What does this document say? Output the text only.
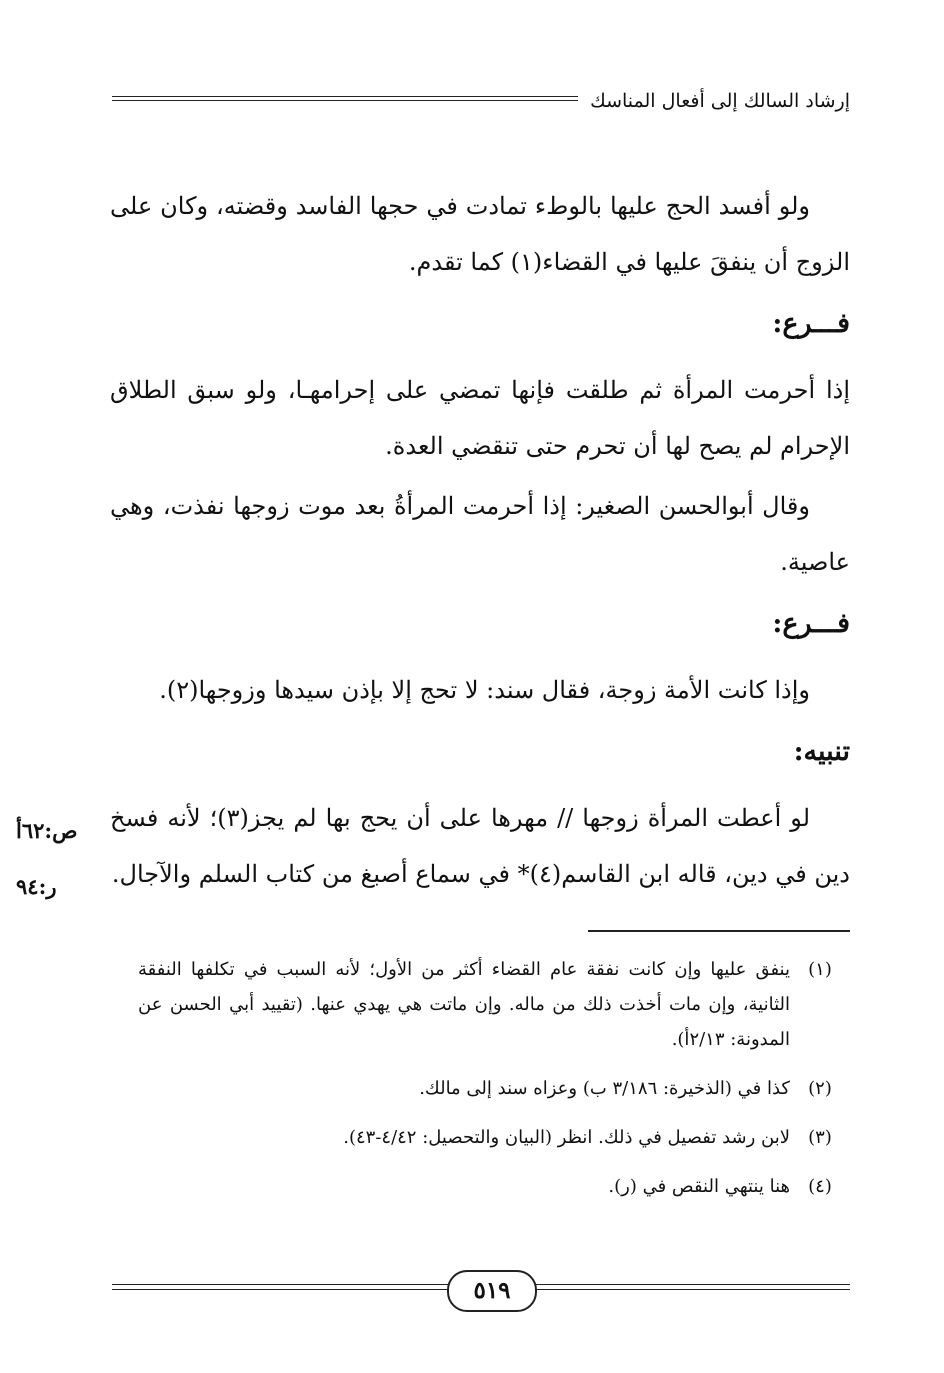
إرشاد السالك إلى أفعال المناسك

ولو أفسد الحج عليها بالوطء تمادت في حجها الفاسد وقضته، وكان على الزوج أن ينفقَ عليها في القضاء(١) كما تقدم.

فـــرع:

إذا أحرمت المرأة ثم طلقت فإنها تمضي على إحرامهـا، ولو سبق الطلاق الإحرام لم يصح لها أن تحرم حتى تنقضي العدة.

وقال أبوالحسن الصغير: إذا أحرمت المرأةُ بعد موت زوجها نفذت، وهي عاصية.

فـــرع:

وإذا كانت الأمة زوجة، فقال سند: لا تحج إلا بإذن سيدها وزوجها(٢).

تنبيه:

لو أعطت المرأة زوجها // مهرها على أن يحج بها لم يجز(٣)؛ لأنه فسخ دين في دين، قاله ابن القاسم(٤)* في سماع أصبغ من كتاب السلم والآجال.

ص:٦٢أ
ر:٩٤
(١)
ينفق عليها وإن كانت نفقة عام القضاء أكثر من الأول؛ لأنه السبب في تكلفها النفقة الثانية، وإن مات أخذت ذلك من ماله. وإن ماتت هي يهدي عنها. (تقييد أبي الحسن عن المدونة: ٢/١٣أ).
(٢)
كذا في (الذخيرة: ٣/١٨٦ ب) وعزاه سند إلى مالك.
(٣)
لابن رشد تفصيل في ذلك. انظر (البيان والتحصيل: ٤/٤٢-٤٣).
(٤)
هنا ينتهي النقص في (ر).
٥١٩
